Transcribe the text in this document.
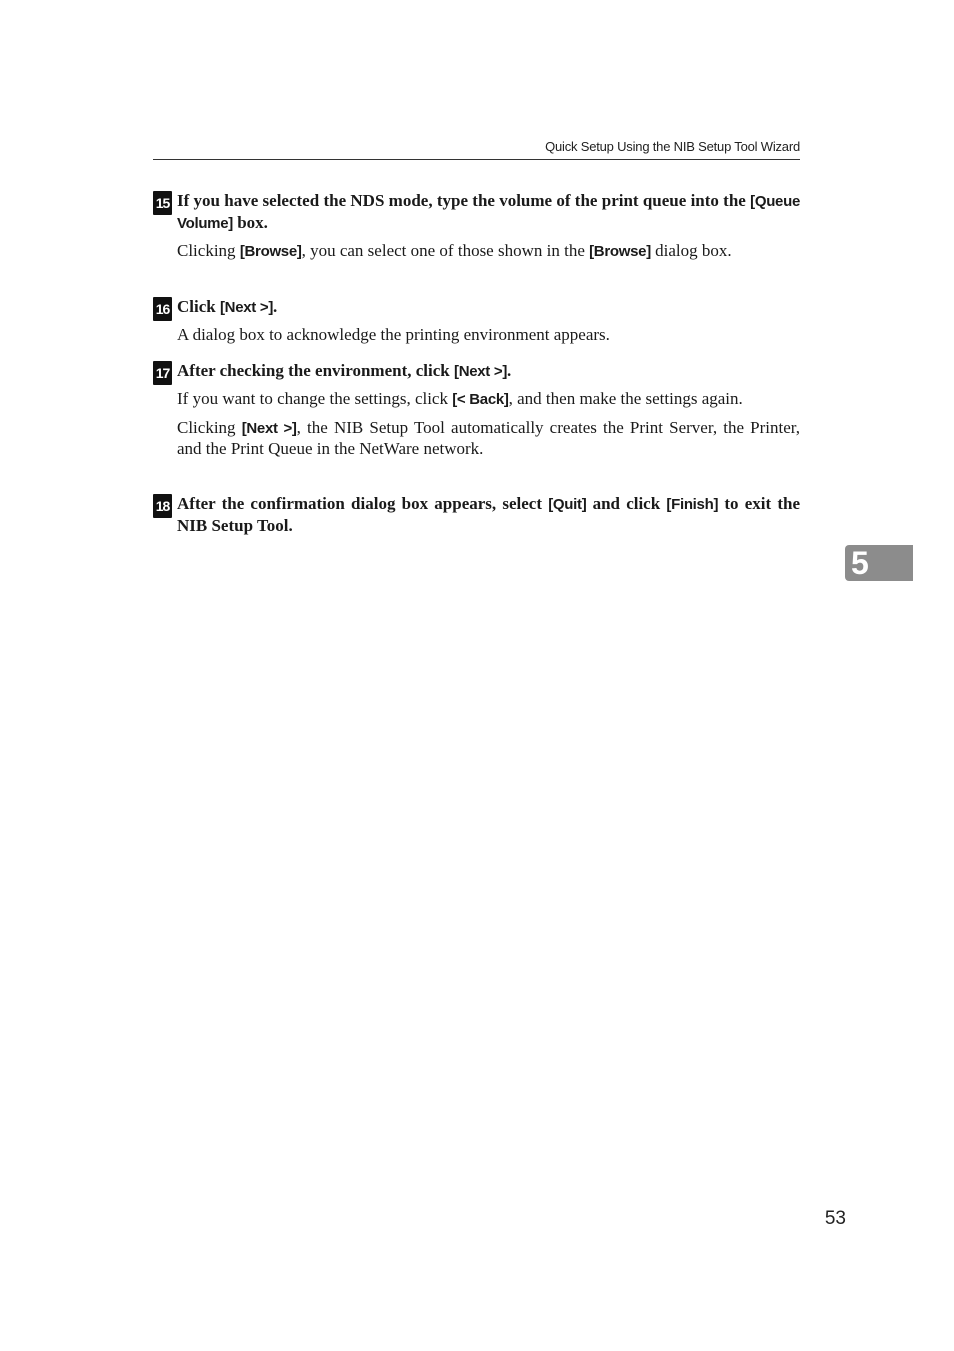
Quick Setup Using the NIB Setup Tool Wizard
15 If you have selected the NDS mode, type the volume of the print queue into the [Queue Volume] box.
Clicking [Browse], you can select one of those shown in the [Browse] dialog box.
16 Click [Next >].
A dialog box to acknowledge the printing environment appears.
17 After checking the environment, click [Next >].
If you want to change the settings, click [< Back], and then make the settings again.
Clicking [Next >], the NIB Setup Tool automatically creates the Print Server, the Printer, and the Print Queue in the NetWare network.
18 After the confirmation dialog box appears, select [Quit] and click [Finish] to exit the NIB Setup Tool.
5
53
